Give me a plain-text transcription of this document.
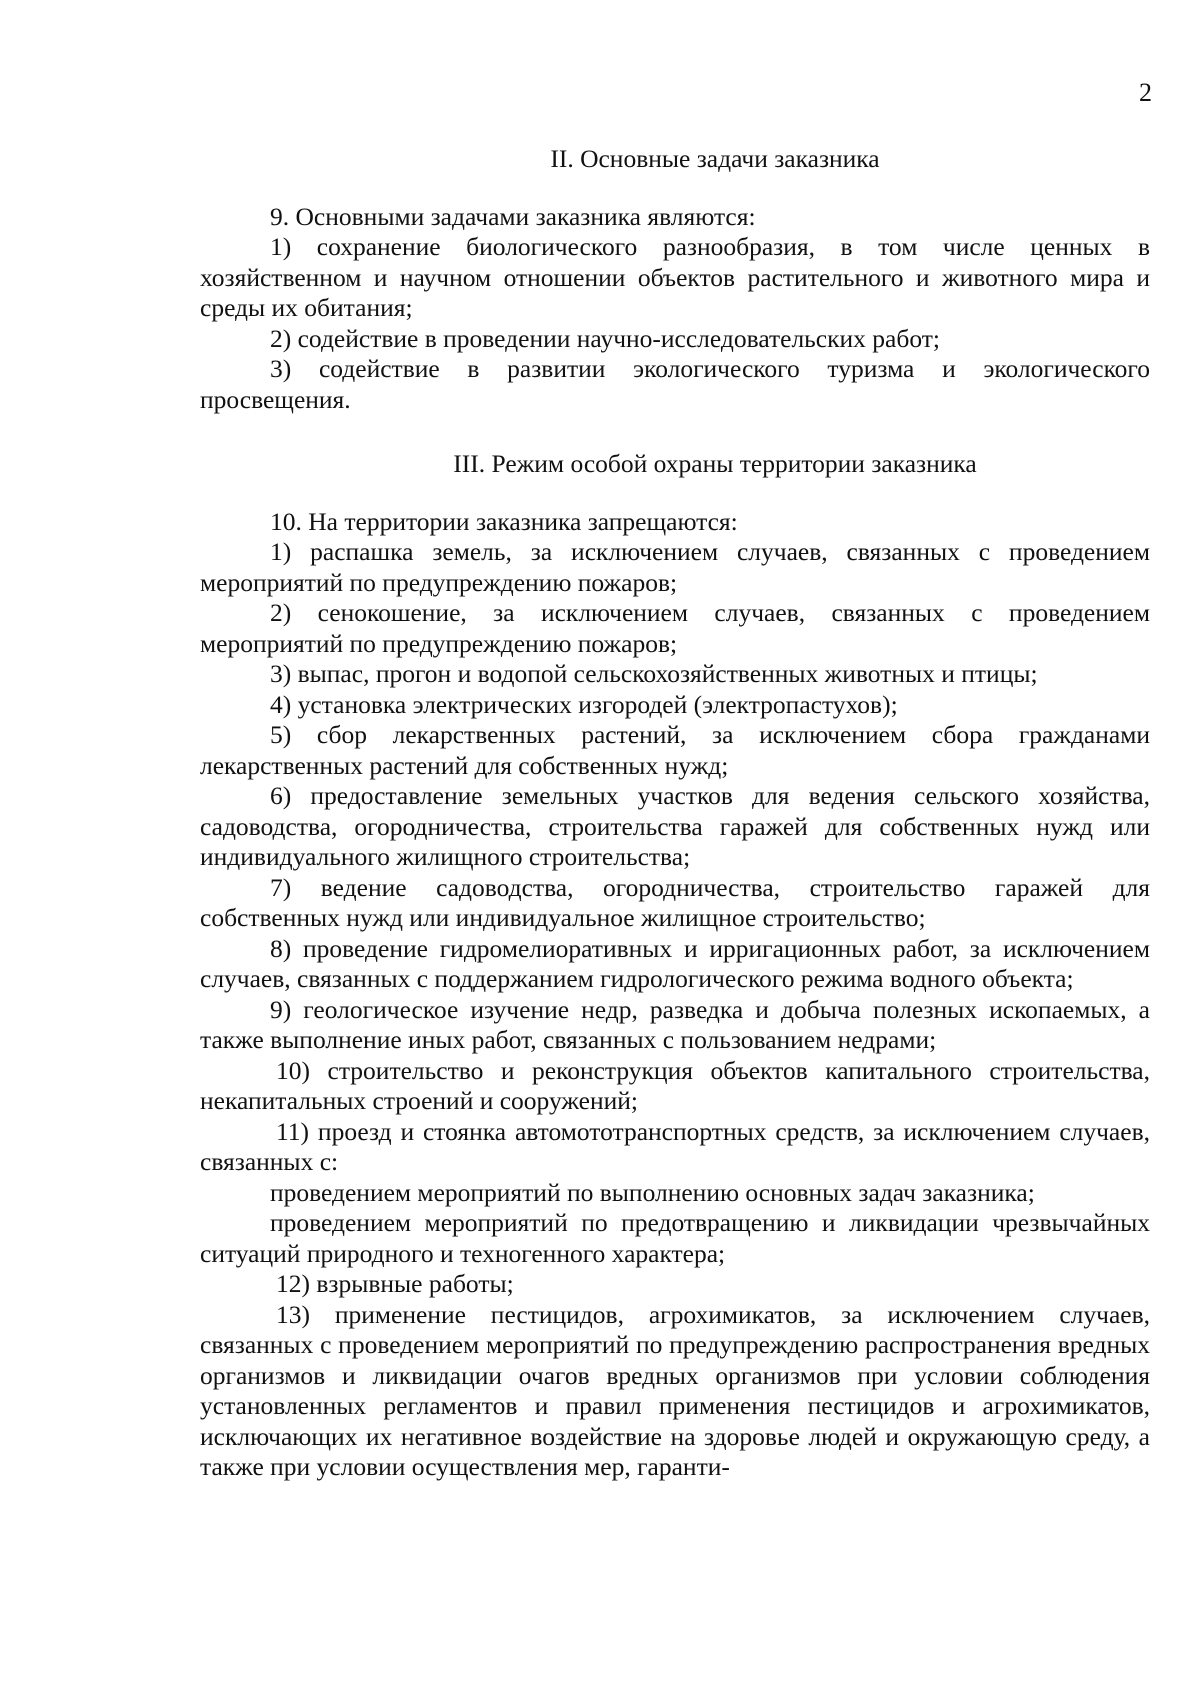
2
II. Основные задачи заказника

9. Основными задачами заказника являются:

1) сохранение биологического разнообразия, в том числе ценных в хозяйственном и научном отношении объектов растительного и животного мира и среды их обитания;

2) содействие в проведении научно-исследовательских работ;

3) содействие в развитии экологического туризма и экологического просвещения.

III. Режим особой охраны территории заказника

10. На территории заказника запрещаются:

1) распашка земель, за исключением случаев, связанных с проведением мероприятий по предупреждению пожаров;

2) сенокошение, за исключением случаев, связанных с проведением мероприятий по предупреждению пожаров;

3) выпас, прогон и водопой сельскохозяйственных животных и птицы;

4) установка электрических изгородей (электропастухов);

5) сбор лекарственных растений, за исключением сбора гражданами лекарственных растений для собственных нужд;

6) предоставление земельных участков для ведения сельского хозяйства, садоводства, огородничества, строительства гаражей для собственных нужд или индивидуального жилищного строительства;

7) ведение садоводства, огородничества, строительство гаражей для собственных нужд или индивидуальное жилищное строительство;

8) проведение гидромелиоративных и ирригационных работ, за исключением случаев, связанных с поддержанием гидрологического режима водного объекта;

9) геологическое изучение недр, разведка и добыча полезных ископаемых, а также выполнение иных работ, связанных с пользованием недрами;

10) строительство и реконструкция объектов капитального строительства, некапитальных строений и сооружений;

11) проезд и стоянка автомототранспортных средств, за исключением случаев, связанных с:

проведением мероприятий по выполнению основных задач заказника;

проведением мероприятий по предотвращению и ликвидации чрезвычайных ситуаций природного и техногенного характера;

12) взрывные работы;

13) применение пестицидов, агрохимикатов, за исключением случаев, связанных с проведением мероприятий по предупреждению распространения вредных организмов и ликвидации очагов вредных организмов при условии соблюдения установленных регламентов и правил применения пестицидов и агрохимикатов, исключающих их негативное воздействие на здоровье людей и окружающую среду, а также при условии осуществления мер, гаранти-
